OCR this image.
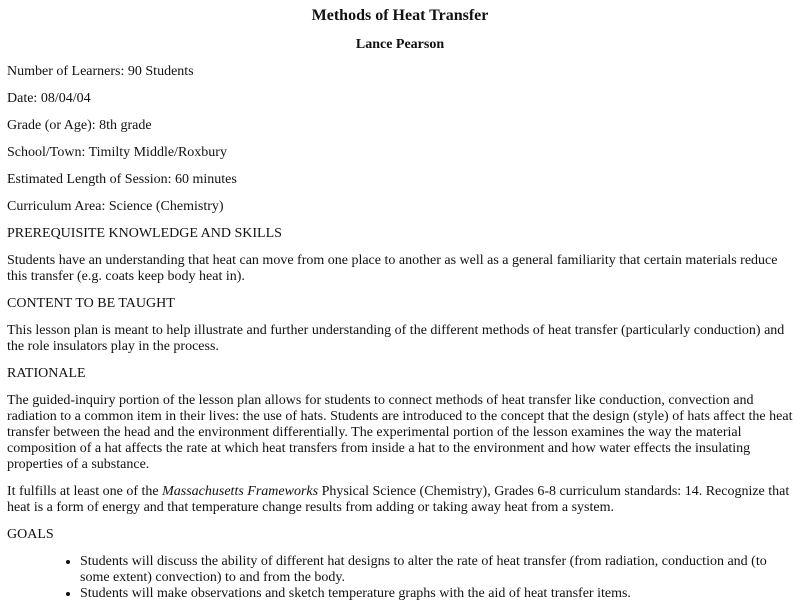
Methods of Heat Transfer
Lance Pearson

Number of Learners: 90 Students

Date: 08/04/04

Grade (or Age): 8th grade

School/Town: Timilty Middle/Roxbury

Estimated Length of Session: 60 minutes

Curriculum Area: Science (Chemistry)

PREREQUISITE KNOWLEDGE AND SKILLS

Students have an understanding that heat can move from one place to another as well as a general familiarity that certain materials reduce this transfer (e.g. coats keep body heat in).

CONTENT TO BE TAUGHT

This lesson plan is meant to help illustrate and further understanding of the different methods of heat transfer (particularly conduction) and the role insulators play in the process.

RATIONALE

The guided-inquiry portion of the lesson plan allows for students to connect methods of heat transfer like conduction, convection and radiation to a common item in their lives: the use of hats. Students are introduced to the concept that the design (style) of hats affect the heat transfer between the head and the environment differentially. The experimental portion of the lesson examines the way the material composition of a hat affects the rate at which heat transfers from inside a hat to the environment and how water effects the insulating properties of a substance.

It fulfills at least one of the Massachusetts Frameworks Physical Science (Chemistry), Grades 6-8 curriculum standards: 14. Recognize that heat is a form of energy and that temperature change results from adding or taking away heat from a system.

GOALS

• Students will discuss the ability of different hat designs to alter the rate of heat transfer (from radiation, conduction and (to some extent) convection) to and from the body.
• Students will make observations and sketch temperature graphs with the aid of heat transfer items.
